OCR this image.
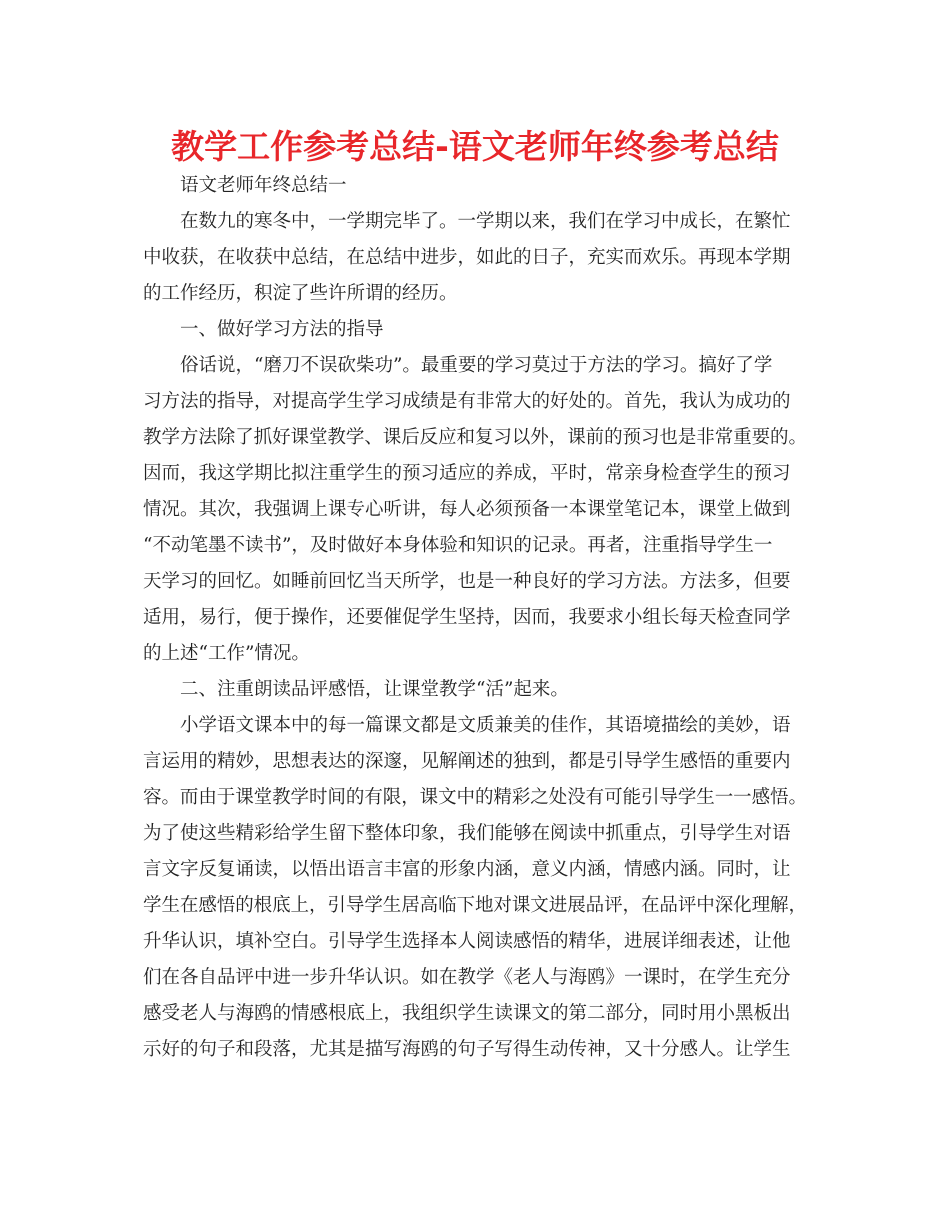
教学工作参考总结-语文老师年终参考总结
语文老师年终总结一
在数九的寒冬中，一学期完毕了。一学期以来，我们在学习中成长，在繁忙
中收获，在收获中总结，在总结中进步，如此的日子，充实而欢乐。再现本学期
的工作经历，积淀了些许所谓的经历。
一、做好学习方法的指导
俗话说，“磨刀不误砍柴功”。最重要的学习莫过于方法的学习。搞好了学
习方法的指导，对提高学生学习成绩是有非常大的好处的。首先，我认为成功的
教学方法除了抓好课堂教学、课后反应和复习以外，课前的预习也是非常重要的。
因而，我这学期比拟注重学生的预习适应的养成，平时，常亲身检查学生的预习
情况。其次，我强调上课专心听讲，每人必须预备一本课堂笔记本，课堂上做到
“不动笔墨不读书”，及时做好本身体验和知识的记录。再者，注重指导学生一
天学习的回忆。如睡前回忆当天所学，也是一种良好的学习方法。方法多，但要
适用，易行，便于操作，还要催促学生坚持，因而，我要求小组长每天检查同学
的上述“工作”情况。
二、注重朗读品评感悟，让课堂教学“活”起来。
小学语文课本中的每一篇课文都是文质兼美的佳作，其语境描绘的美妙，语
言运用的精妙，思想表达的深邃，见解阐述的独到，都是引导学生感悟的重要内
容。而由于课堂教学时间的有限，课文中的精彩之处没有可能引导学生一一感悟。
为了使这些精彩给学生留下整体印象，我们能够在阅读中抓重点，引导学生对语
言文字反复诵读，以悟出语言丰富的形象内涵，意义内涵，情感内涵。同时，让
学生在感悟的根底上，引导学生居高临下地对课文进展品评，在品评中深化理解，
升华认识，填补空白。引导学生选择本人阅读感悟的精华，进展详细表述，让他
们在各自品评中进一步升华认识。如在教学《老人与海鸥》一课时，在学生充分
感受老人与海鸥的情感根底上，我组织学生读课文的第二部分，同时用小黑板出
示好的句子和段落，尤其是描写海鸥的句子写得生动传神，又十分感人。让学生
